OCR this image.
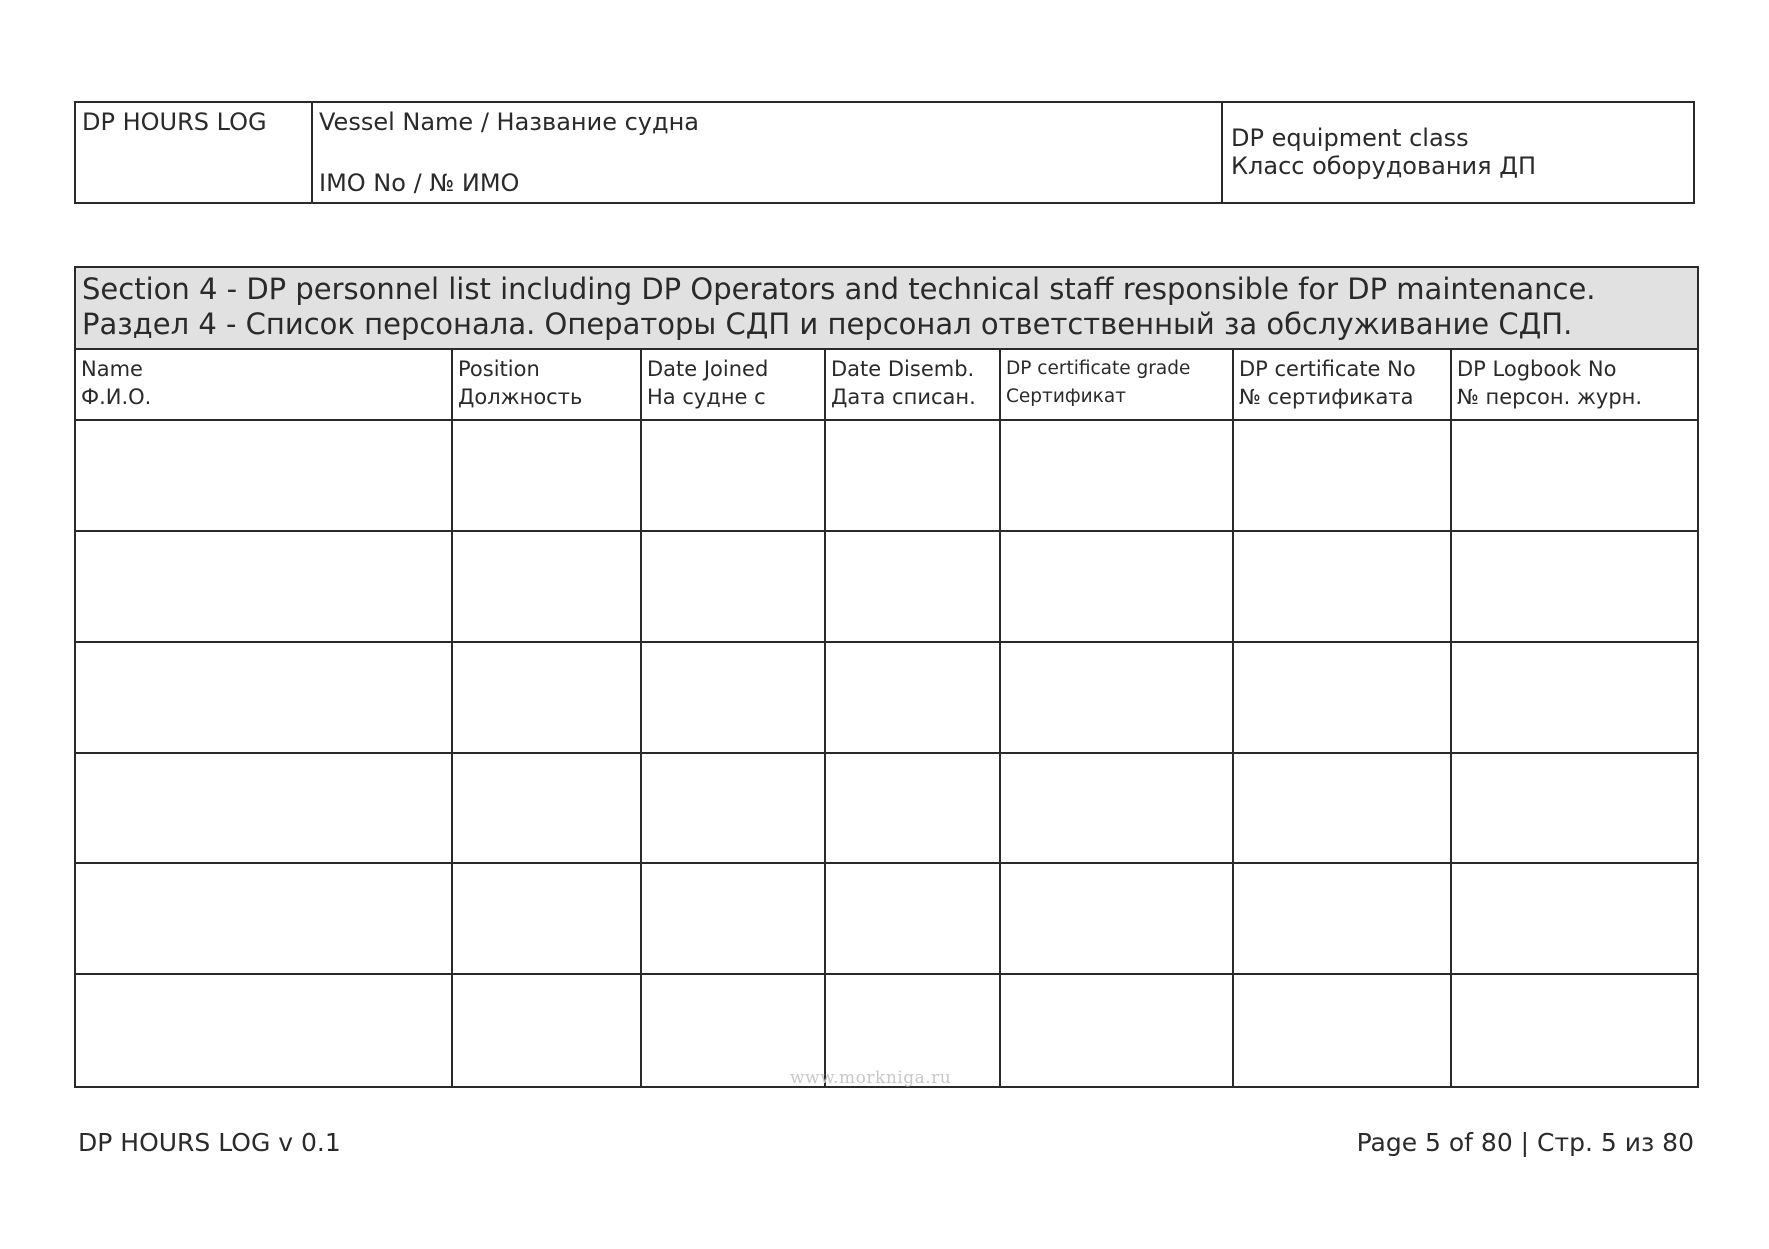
DP HOURS LOG	Vessel Name / Название судна
IMO No / № ИМО
DP equipment class
Класс оборудования ДП
Section 4 - DP personnel list including DP Operators and technical staff responsible for DP maintenance.
Раздел 4 - Список персонала. Операторы СДП и персонал ответственный за обслуживание СДП.
Name
Ф.И.О.
Position
Должность
Date Joined
На судне с
Date Disemb.
Дата списан.
DP certificate grade
Сертификат
DP certificate No
№ сертификата
DP Logbook No
№ персон. журн.
www.morkniga.ru
DP HOURS LOG v 0.1	Page 5 of 80 | Стр. 5 из 80
